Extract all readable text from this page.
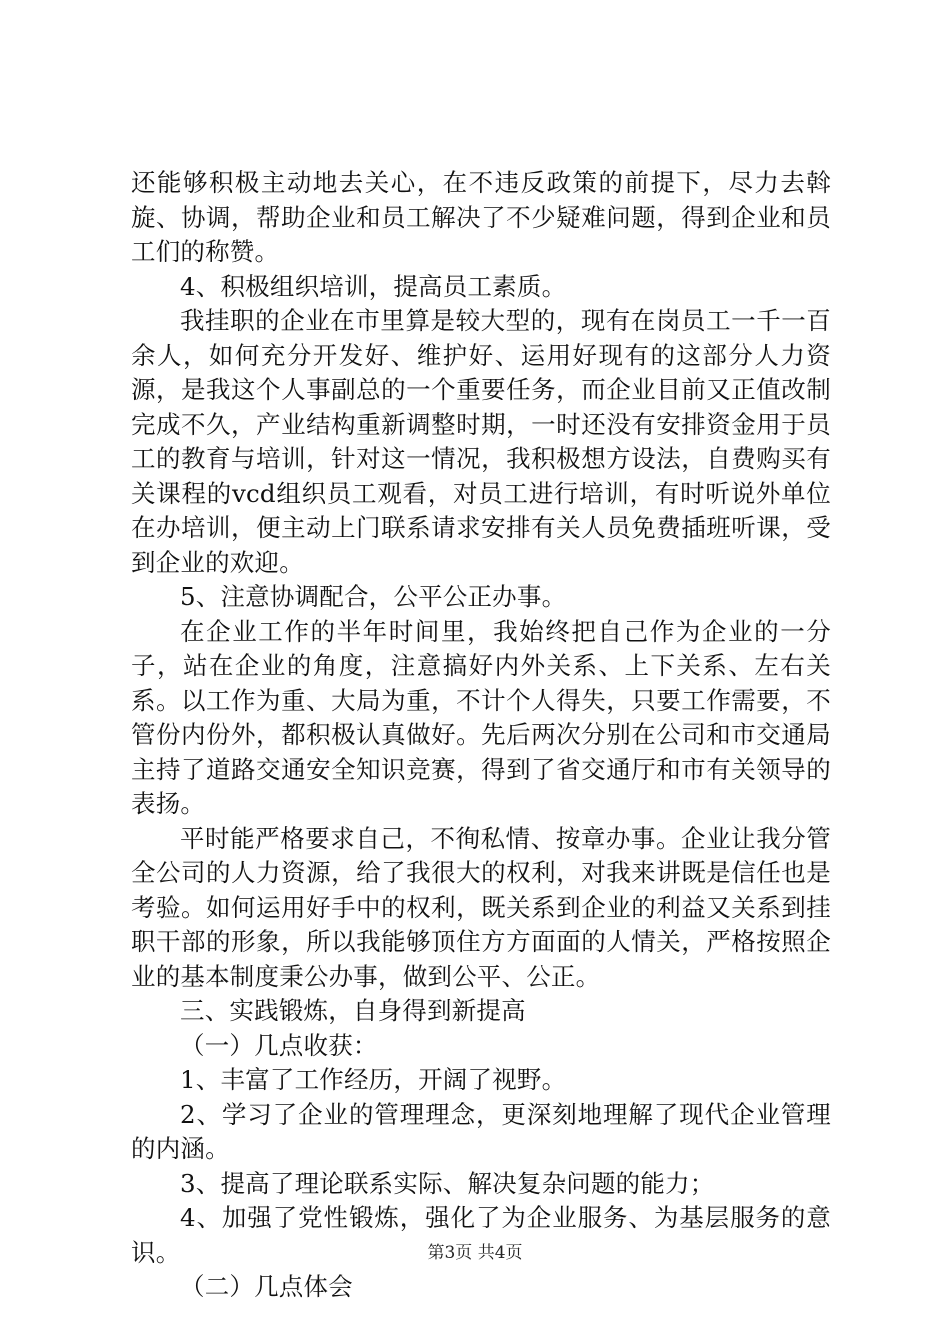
还能够积极主动地去关心，在不违反政策的前提下，尽力去斡旋、协调，帮助企业和员工解决了不少疑难问题，得到企业和员工们的称赞。

4、积极组织培训，提高员工素质。

我挂职的企业在市里算是较大型的，现有在岗员工一千一百余人，如何充分开发好、维护好、运用好现有的这部分人力资源，是我这个人事副总的一个重要任务，而企业目前又正值改制完成不久，产业结构重新调整时期，一时还没有安排资金用于员工的教育与培训，针对这一情况，我积极想方设法，自费购买有关课程的vcd组织员工观看，对员工进行培训，有时听说外单位在办培训，便主动上门联系请求安排有关人员免费插班听课，受到企业的欢迎。

5、注意协调配合，公平公正办事。

在企业工作的半年时间里，我始终把自己作为企业的一分子，站在企业的角度，注意搞好内外关系、上下关系、左右关系。以工作为重、大局为重，不计个人得失，只要工作需要，不管份内份外，都积极认真做好。先后两次分别在公司和市交通局主持了道路交通安全知识竞赛，得到了省交通厅和市有关领导的表扬。

平时能严格要求自己，不徇私情、按章办事。企业让我分管全公司的人力资源，给了我很大的权利，对我来讲既是信任也是考验。如何运用好手中的权利，既关系到企业的利益又关系到挂职干部的形象，所以我能够顶住方方面面的人情关，严格按照企业的基本制度秉公办事，做到公平、公正。

三、实践锻炼，自身得到新提高

（一）几点收获：

1、丰富了工作经历，开阔了视野。

2、学习了企业的管理理念，更深刻地理解了现代企业管理的内涵。

3、提高了理论联系实际、解决复杂问题的能力；

4、加强了党性锻炼，强化了为企业服务、为基层服务的意识。

（二）几点体会

第3页 共4页
